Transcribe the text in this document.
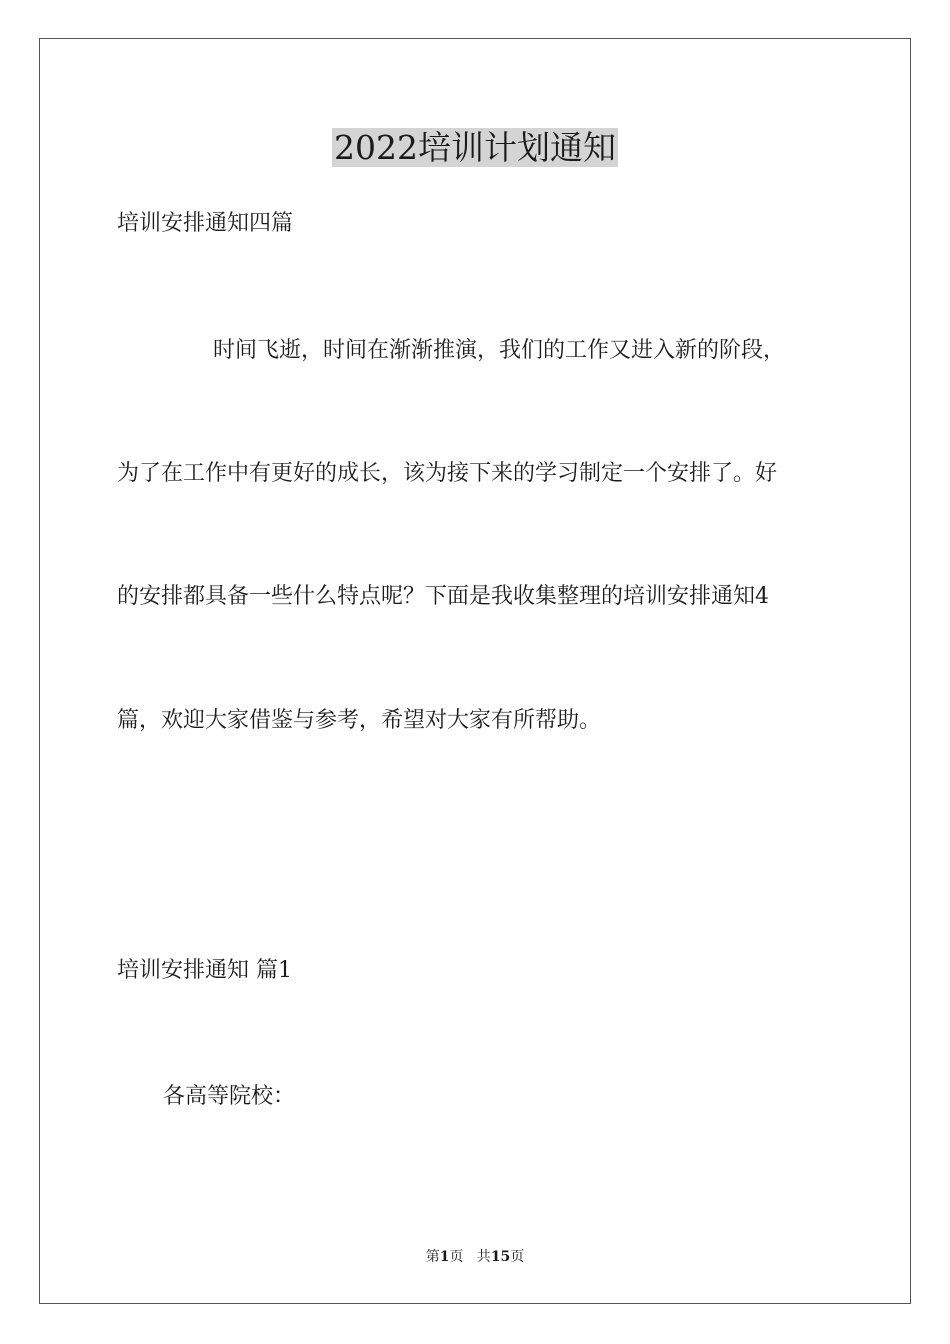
2022培训计划通知
培训安排通知四篇
时间飞逝，时间在渐渐推演，我们的工作又进入新的阶段，
为了在工作中有更好的成长，该为接下来的学习制定一个安排了。好
的安排都具备一些什么特点呢？下面是我收集整理的培训安排通知4
篇，欢迎大家借鉴与参考，希望对大家有所帮助。
培训安排通知 篇1
各高等院校：
第1页   共15页
